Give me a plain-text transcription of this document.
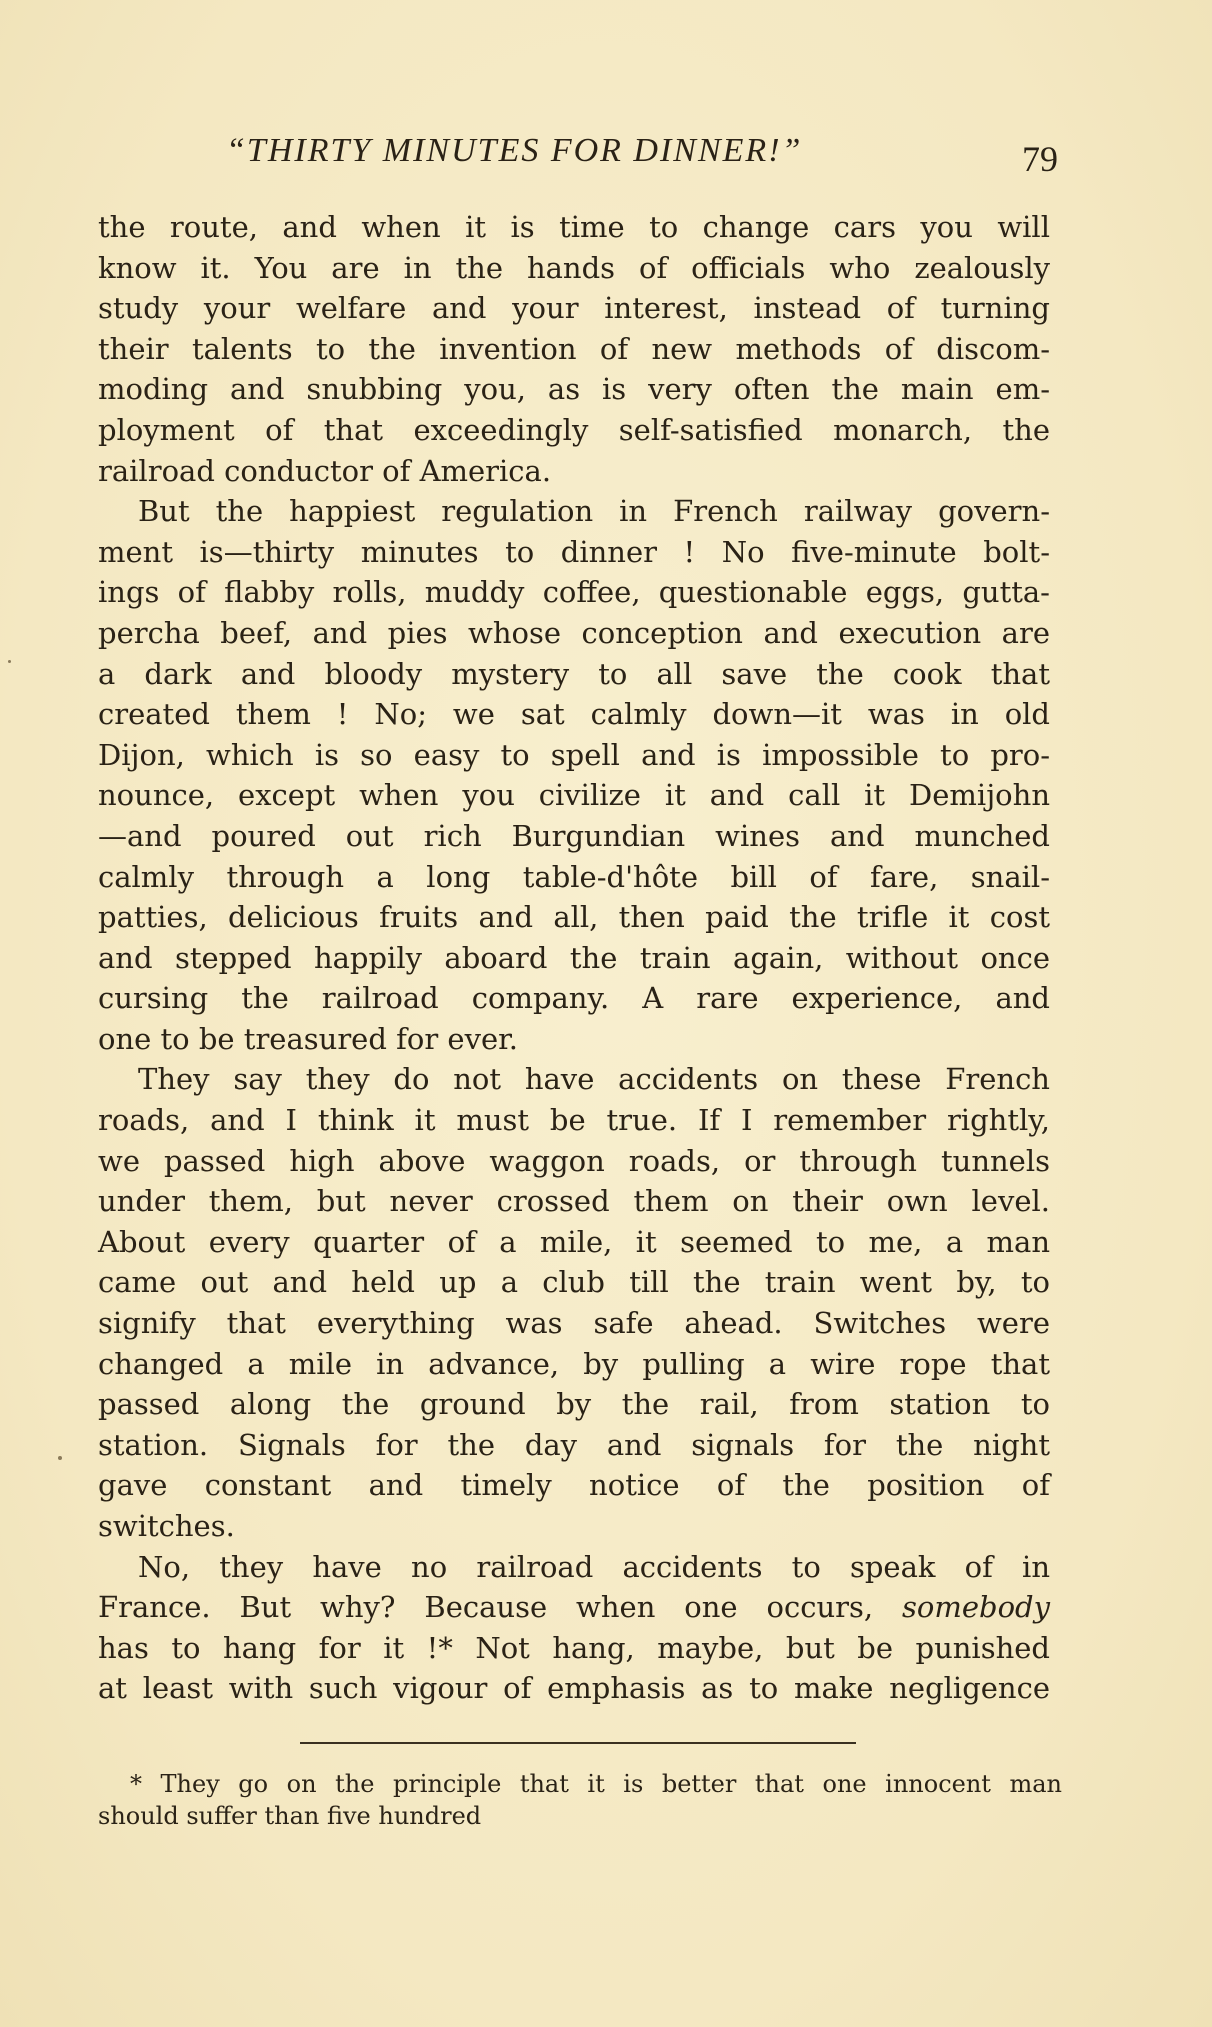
“THIRTY MINUTES FOR DINNER!”	79
the route, and when it is time to change cars you will
know it. You are in the hands of officials who zealously
study your welfare and your interest, instead of turning
their talents to the invention of new methods of discom-
moding and snubbing you, as is very often the main em-
ployment of that exceedingly self-satisfied monarch, the
railroad conductor of America.
But the happiest regulation in French railway govern-
ment is—thirty minutes to dinner ! No five-minute bolt-
ings of flabby rolls, muddy coffee, questionable eggs, gutta-
percha beef, and pies whose conception and execution are
a dark and bloody mystery to all save the cook that
created them ! No; we sat calmly down—it was in old
Dijon, which is so easy to spell and is impossible to pro-
nounce, except when you civilize it and call it Demijohn
—and poured out rich Burgundian wines and munched
calmly through a long table-d'hôte bill of fare, snail-
patties, delicious fruits and all, then paid the trifle it cost
and stepped happily aboard the train again, without once
cursing the railroad company. A rare experience, and
one to be treasured for ever.
They say they do not have accidents on these French
roads, and I think it must be true. If I remember rightly,
we passed high above waggon roads, or through tunnels
under them, but never crossed them on their own level.
About every quarter of a mile, it seemed to me, a man
came out and held up a club till the train went by, to
signify that everything was safe ahead. Switches were
changed a mile in advance, by pulling a wire rope that
passed along the ground by the rail, from station to
station. Signals for the day and signals for the night
gave constant and timely notice of the position of
switches.
No, they have no railroad accidents to speak of in
France. But why? Because when one occurs, somebody
has to hang for it !* Not hang, maybe, but be punished
at least with such vigour of emphasis as to make negligence
* They go on the principle that it is better that one innocent man
should suffer than five hundred
